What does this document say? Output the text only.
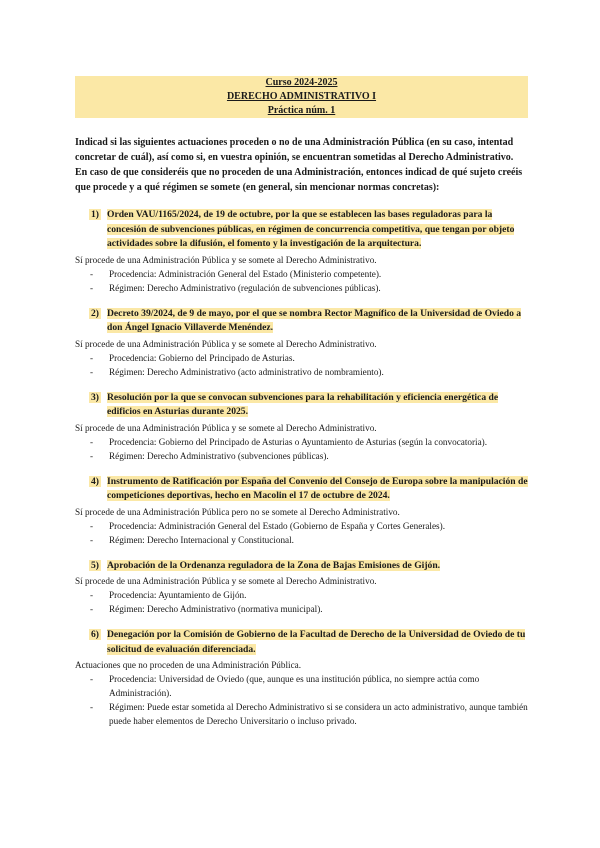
Curso 2024-2025
DERECHO ADMINISTRATIVO I
Práctica núm. 1
Indicad si las siguientes actuaciones proceden o no de una Administración Pública (en su caso, intentad concretar de cuál), así como si, en vuestra opinión, se encuentran sometidas al Derecho Administrativo. En caso de que consideréis que no proceden de una Administración, entonces indicad de qué sujeto creéis que procede y a qué régimen se somete (en general, sin mencionar normas concretas):
1) Orden VAU/1165/2024, de 19 de octubre, por la que se establecen las bases reguladoras para la concesión de subvenciones públicas, en régimen de concurrencia competitiva, que tengan por objeto actividades sobre la difusión, el fomento y la investigación de la arquitectura.
Sí procede de una Administración Pública y se somete al Derecho Administrativo.
- Procedencia: Administración General del Estado (Ministerio competente).
- Régimen: Derecho Administrativo (regulación de subvenciones públicas).
2) Decreto 39/2024, de 9 de mayo, por el que se nombra Rector Magnífico de la Universidad de Oviedo a don Ángel Ignacio Villaverde Menéndez.
Sí procede de una Administración Pública y se somete al Derecho Administrativo.
- Procedencia: Gobierno del Principado de Asturias.
- Régimen: Derecho Administrativo (acto administrativo de nombramiento).
3) Resolución por la que se convocan subvenciones para la rehabilitación y eficiencia energética de edificios en Asturias durante 2025.
Sí procede de una Administración Pública y se somete al Derecho Administrativo.
- Procedencia: Gobierno del Principado de Asturias o Ayuntamiento de Asturias (según la convocatoria).
- Régimen: Derecho Administrativo (subvenciones públicas).
4) Instrumento de Ratificación por España del Convenio del Consejo de Europa sobre la manipulación de competiciones deportivas, hecho en Macolin el 17 de octubre de 2024.
Sí procede de una Administración Pública pero no se somete al Derecho Administrativo.
- Procedencia: Administración General del Estado (Gobierno de España y Cortes Generales).
- Régimen: Derecho Internacional y Constitucional.
5) Aprobación de la Ordenanza reguladora de la Zona de Bajas Emisiones de Gijón.
Sí procede de una Administración Pública y se somete al Derecho Administrativo.
- Procedencia: Ayuntamiento de Gijón.
- Régimen: Derecho Administrativo (normativa municipal).
6) Denegación por la Comisión de Gobierno de la Facultad de Derecho de la Universidad de Oviedo de tu solicitud de evaluación diferenciada.
Actuaciones que no proceden de una Administración Pública.
- Procedencia: Universidad de Oviedo (que, aunque es una institución pública, no siempre actúa como Administración).
- Régimen: Puede estar sometida al Derecho Administrativo si se considera un acto administrativo, aunque también puede haber elementos de Derecho Universitario o incluso privado.
